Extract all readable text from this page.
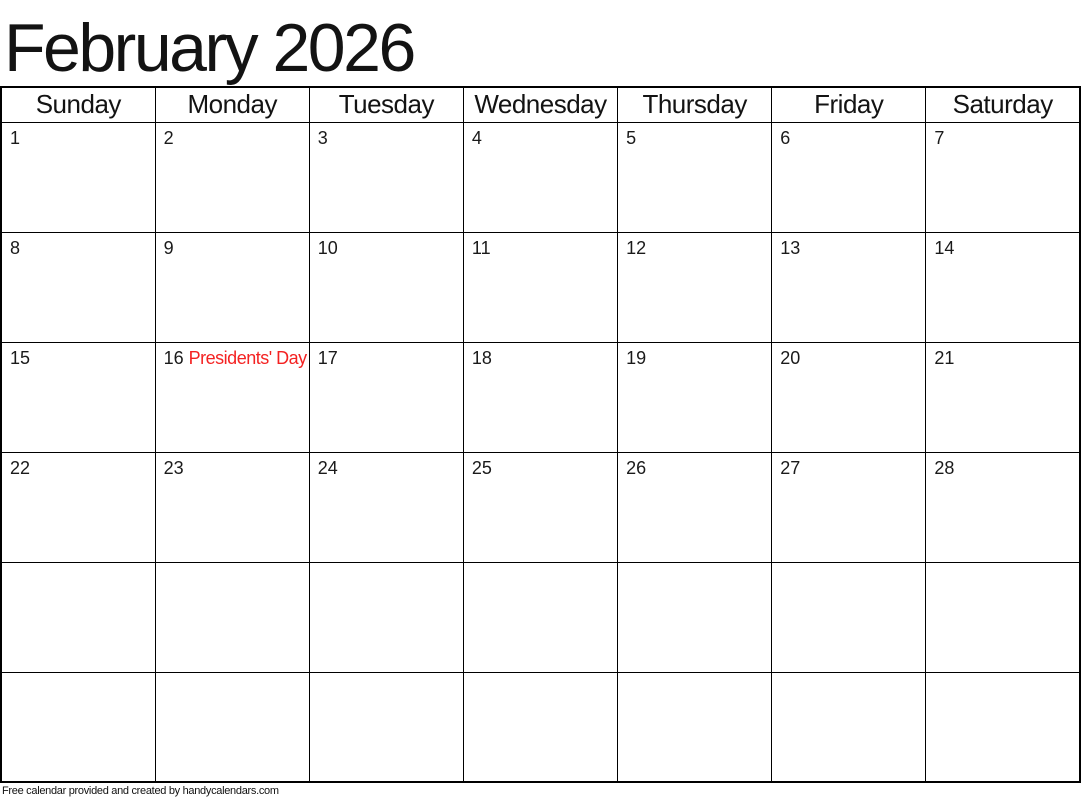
February 2026
Sunday	Monday	Tuesday	Wednesday	Thursday	Friday	Saturday
1	2	3	4	5	6	7
8	9	10	11	12	13	14
15	16 Presidents' Day	17	18	19	20	21
22	23	24	25	26	27	28

Free calendar provided and created by handycalendars.com
